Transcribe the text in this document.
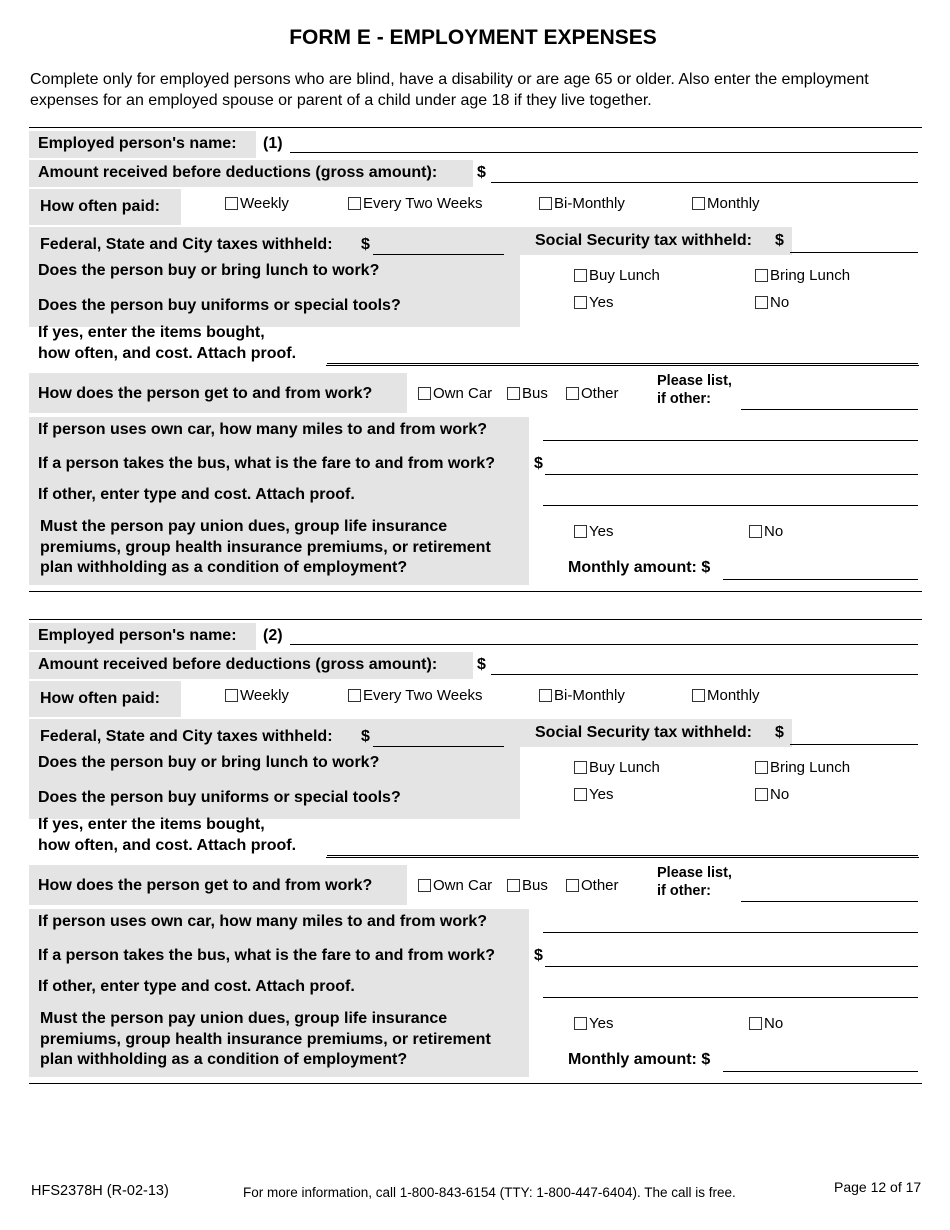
FORM E - EMPLOYMENT EXPENSES

Complete only for employed persons who are blind, have a disability or are age 65 or older. Also enter the employment expenses for an employed spouse or parent of a child under age 18 if they live together.

Employed person's name: (1)
Amount received before deductions (gross amount): $
How often paid:	Weekly	Every Two Weeks	Bi-Monthly	Monthly
Federal, State and City taxes withheld: $	Social Security tax withheld: $
Does the person buy or bring lunch to work?	Buy Lunch	Bring Lunch
Does the person buy uniforms or special tools?	Yes	No
If yes, enter the items bought,
how often, and cost. Attach proof.
How does the person get to and from work?	Own Car	Bus	Other
Please list,
if other:
If person uses own car, how many miles to and from work?
If a person takes the bus, what is the fare to and from work? $
If other, enter type and cost. Attach proof.
Must the person pay union dues, group life insurance
premiums, group health insurance premiums, or retirement
plan withholding as a condition of employment?
Yes	No
Monthly amount: $
Employed person's name: (2)
Amount received before deductions (gross amount): $
How often paid:	Weekly	Every Two Weeks	Bi-Monthly	Monthly
Federal, State and City taxes withheld: $	Social Security tax withheld: $
Does the person buy or bring lunch to work?	Buy Lunch	Bring Lunch
Does the person buy uniforms or special tools?	Yes	No
If yes, enter the items bought,
how often, and cost. Attach proof.
How does the person get to and from work?	Own Car	Bus	Other
Please list,
if other:
If person uses own car, how many miles to and from work?
If a person takes the bus, what is the fare to and from work? $
If other, enter type and cost. Attach proof.
Must the person pay union dues, group life insurance
premiums, group health insurance premiums, or retirement
plan withholding as a condition of employment?
Yes	No
Monthly amount: $
HFS2378H (R-02-13)	For more information, call 1-800-843-6154 (TTY: 1-800-447-6404). The call is free.	Page 12 of 17
